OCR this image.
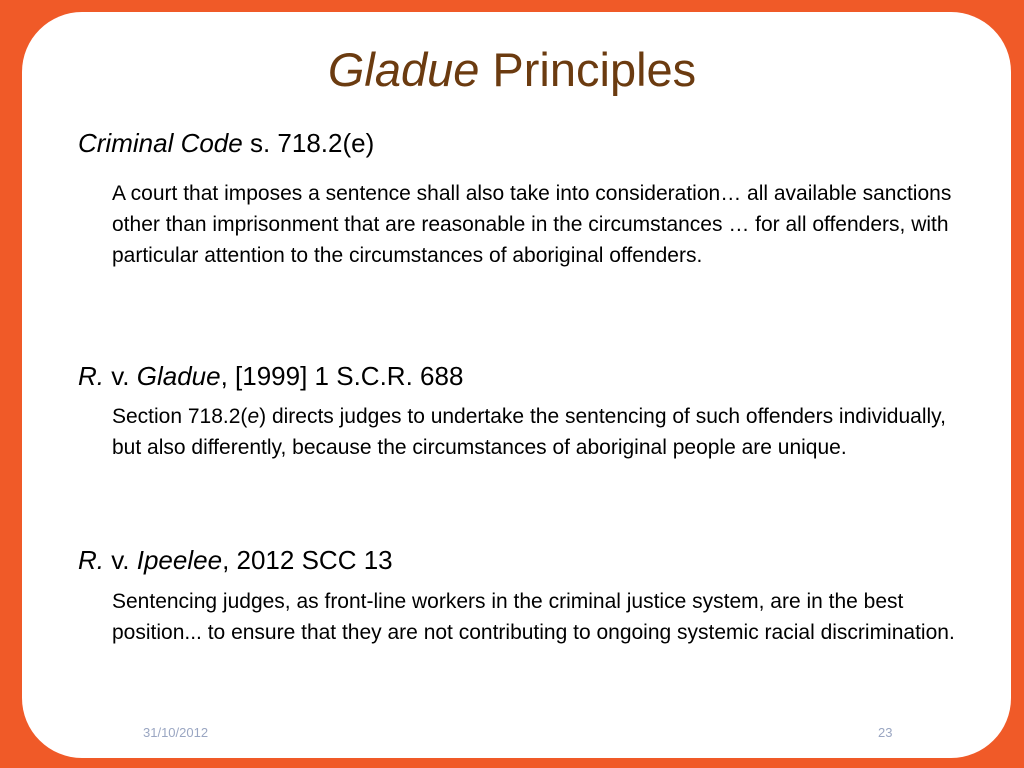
Gladue Principles
Criminal Code s. 718.2(e)

A court that imposes a sentence shall also take into consideration… all available sanctions other than imprisonment that are reasonable in the circumstances … for all offenders, with particular attention to the circumstances of aboriginal offenders.

R. v. Gladue, [1999] 1 S.C.R. 688

Section 718.2(e) directs judges to undertake the sentencing of such offenders individually, but also differently, because the circumstances of aboriginal people are unique.

R. v. Ipeelee, 2012 SCC 13

Sentencing judges, as front-line workers in the criminal justice system, are in the best position... to ensure that they are not contributing to ongoing systemic racial discrimination.

31/10/2012	23
